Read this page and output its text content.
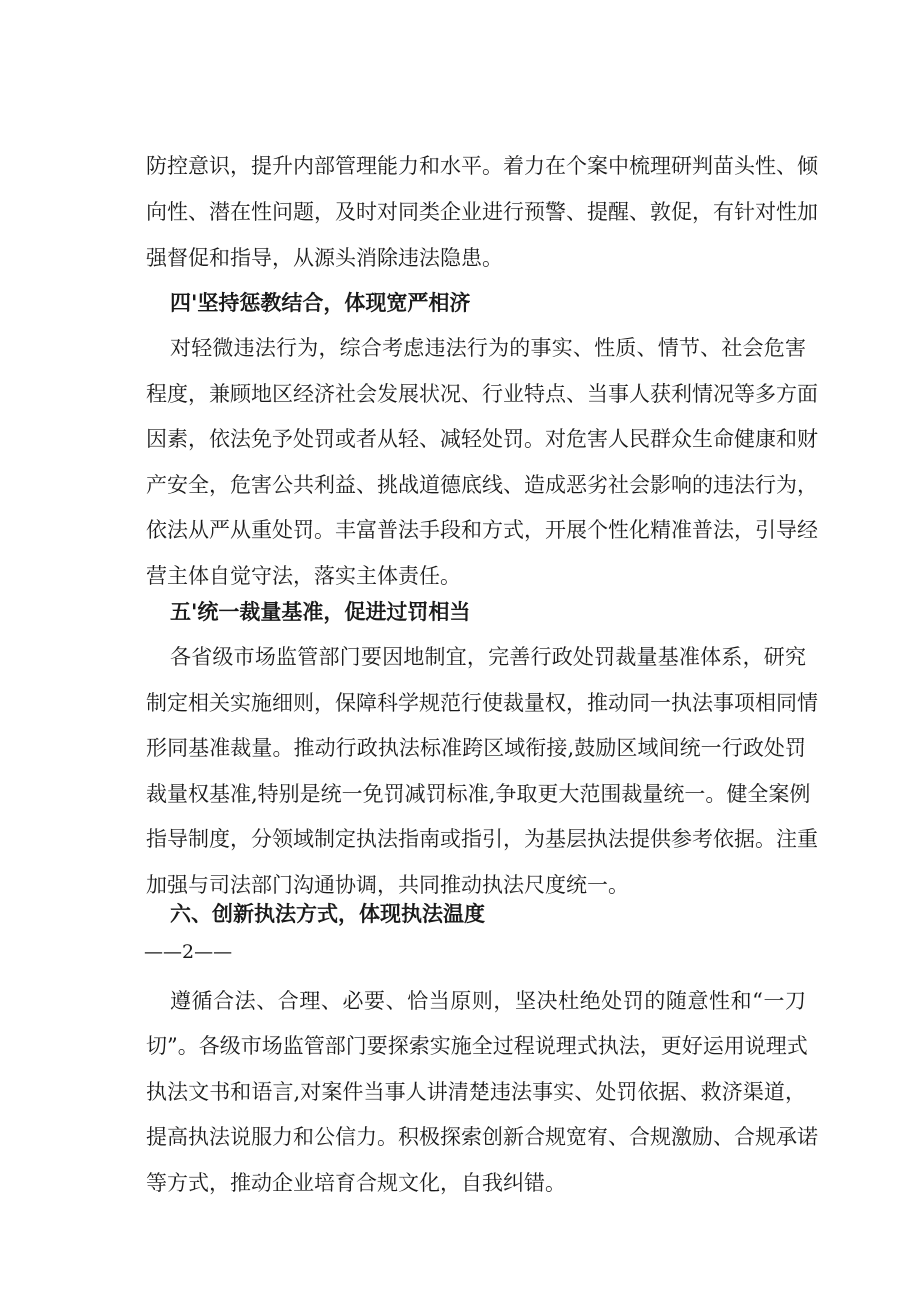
防控意识，提升内部管理能力和水平。着力在个案中梳理研判苗头性、倾
向性、潜在性问题，及时对同类企业进行预警、提醒、敦促，有针对性加
强督促和指导，从源头消除违法隐患。
四'坚持惩教结合，体现宽严相济
对轻微违法行为，综合考虑违法行为的事实、性质、情节、社会危害
程度，兼顾地区经济社会发展状况、行业特点、当事人获利情况等多方面
因素，依法免予处罚或者从轻、减轻处罚。对危害人民群众生命健康和财
产安全，危害公共利益、挑战道德底线、造成恶劣社会影响的违法行为，
依法从严从重处罚。丰富普法手段和方式，开展个性化精准普法，引导经
营主体自觉守法，落实主体责任。
五'统一裁量基准，促进过罚相当
各省级市场监管部门要因地制宜，完善行政处罚裁量基准体系，研究
制定相关实施细则，保障科学规范行使裁量权，推动同一执法事项相同情
形同基准裁量。推动行政执法标准跨区域衔接,鼓励区域间统一行政处罚
裁量权基准,特别是统一免罚减罚标准,争取更大范围裁量统一。健全案例
指导制度，分领域制定执法指南或指引，为基层执法提供参考依据。注重
加强与司法部门沟通协调，共同推动执法尺度统一。
六、创新执法方式，体现执法温度
——2——
遵循合法、合理、必要、恰当原则，坚决杜绝处罚的随意性和“一刀
切”。各级市场监管部门要探索实施全过程说理式执法，更好运用说理式
执法文书和语言,对案件当事人讲清楚违法事实、处罚依据、救济渠道，
提高执法说服力和公信力。积极探索创新合规宽宥、合规激励、合规承诺
等方式，推动企业培育合规文化，自我纠错。
